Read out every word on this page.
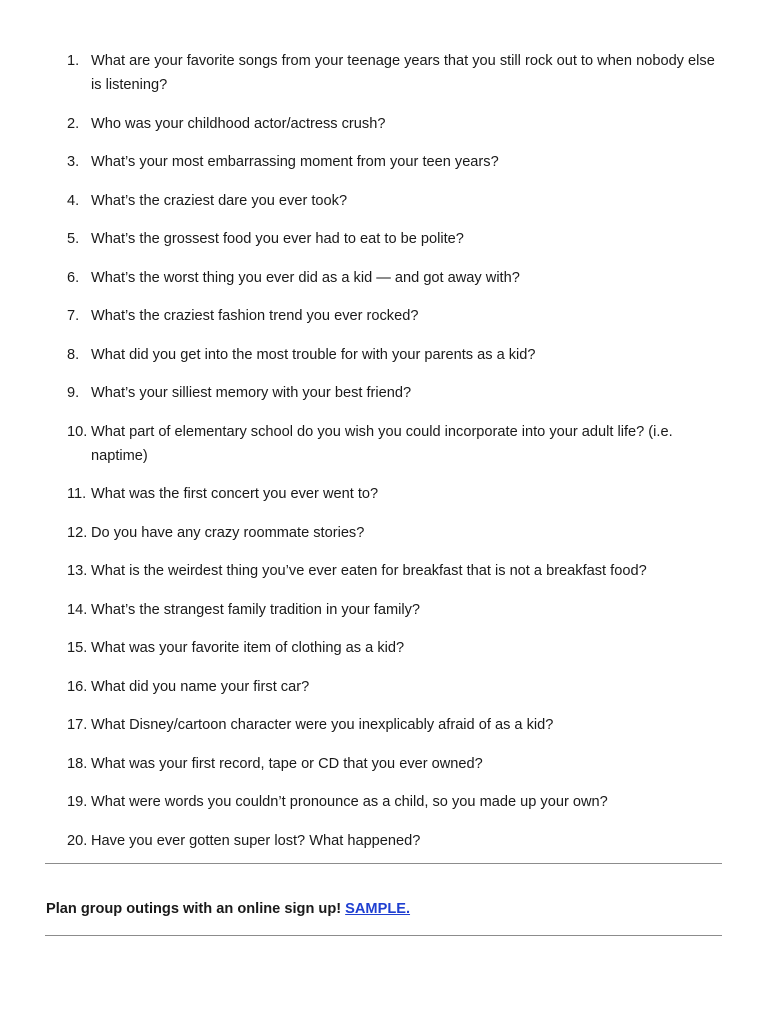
1. What are your favorite songs from your teenage years that you still rock out to when nobody else is listening?
2. Who was your childhood actor/actress crush?
3. What’s your most embarrassing moment from your teen years?
4. What’s the craziest dare you ever took?
5. What’s the grossest food you ever had to eat to be polite?
6. What’s the worst thing you ever did as a kid — and got away with?
7. What’s the craziest fashion trend you ever rocked?
8. What did you get into the most trouble for with your parents as a kid?
9. What’s your silliest memory with your best friend?
10. What part of elementary school do you wish you could incorporate into your adult life? (i.e. naptime)
11. What was the first concert you ever went to?
12. Do you have any crazy roommate stories?
13. What is the weirdest thing you’ve ever eaten for breakfast that is not a breakfast food?
14. What’s the strangest family tradition in your family?
15. What was your favorite item of clothing as a kid?
16. What did you name your first car?
17. What Disney/cartoon character were you inexplicably afraid of as a kid?
18. What was your first record, tape or CD that you ever owned?
19. What were words you couldn’t pronounce as a child, so you made up your own?
20. Have you ever gotten super lost? What happened?
Plan group outings with an online sign up! SAMPLE.
